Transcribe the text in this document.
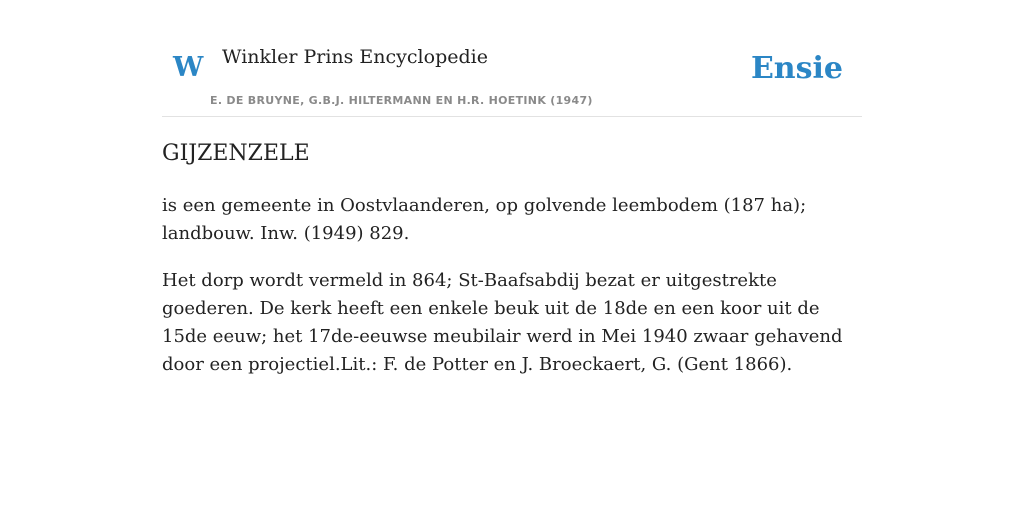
W Winkler Prins Encyclopedie
E. DE BRUYNE, G.B.J. HILTERMANN EN H.R. HOETINK (1947)
Ensie
GIJZENZELE

is een gemeente in Oostvlaanderen, op golvende leembodem (187 ha); landbouw. Inw. (1949) 829.

Het dorp wordt vermeld in 864; St-Baafsabdij bezat er uitgestrekte goederen. De kerk heeft een enkele beuk uit de 18de en een koor uit de 15de eeuw; het 17de-eeuwse meubilair werd in Mei 1940 zwaar gehavend door een projectiel.Lit.: F. de Potter en J. Broeckaert, G. (Gent 1866).
